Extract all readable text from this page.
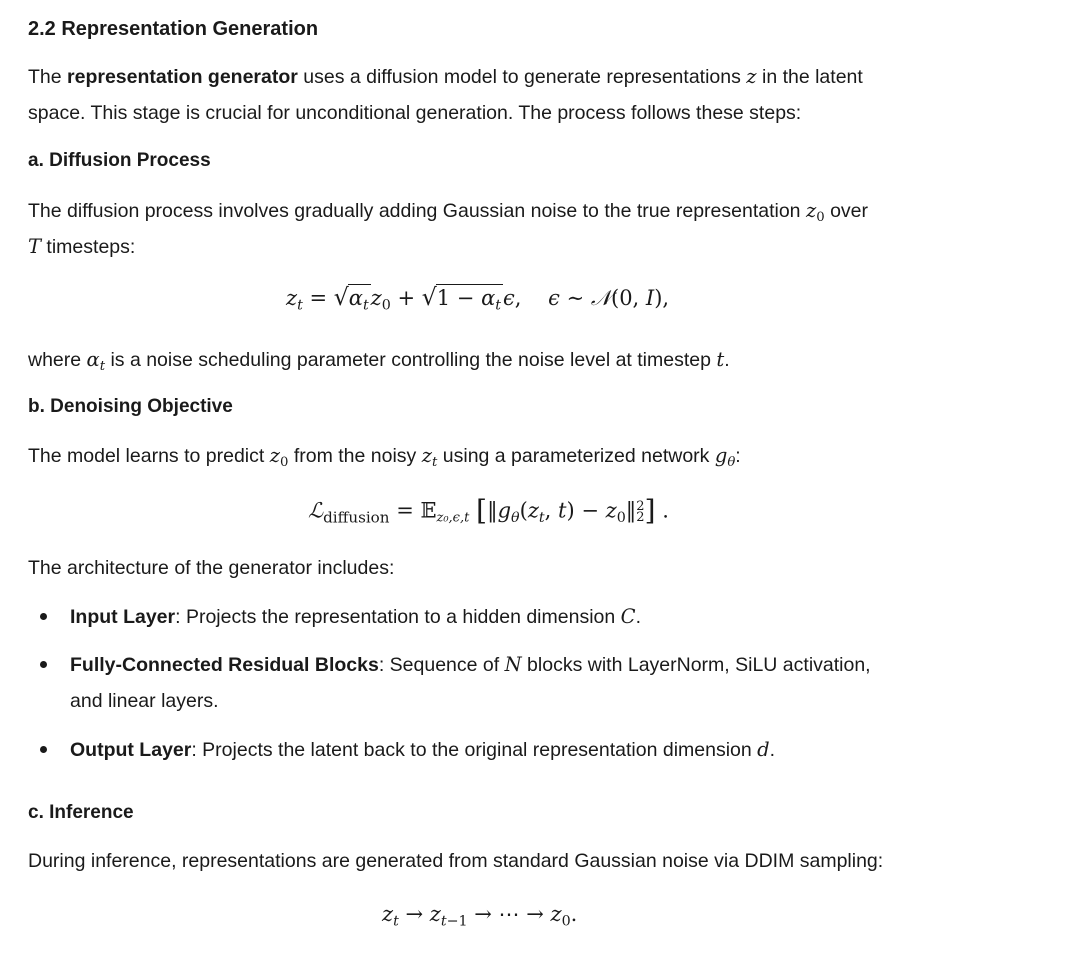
2.2 Representation Generation
The representation generator uses a diffusion model to generate representations z in the latent
space. This stage is crucial for unconditional generation. The process follows these steps:
a. Diffusion Process
The diffusion process involves gradually adding Gaussian noise to the true representation $z_0$ over
T timesteps:
$z_t = √\alpha_tz_0 + √1 - \alpha_t\epsilon$,    ϵ ∼ 𝒩(0, I),
where $\alpha_t$ is a noise scheduling parameter controlling the noise level at timestep t.
b. Denoising Objective
The model learns to predict $z_0$ from the noisy $z_t$ using a parameterized network $g_\theta$:
ℒ$_{diffusion}$ = 𝔼$_{z_0,\epsilon,t}$ [$‖g_\theta(z_t$, $t) - z_0‖$ 2
2 ] .
The architecture of the generator includes:
Input Layer: Projects the representation to a hidden dimension C.
Fully-Connected Residual Blocks: Sequence of N blocks with LayerNorm, SiLU activation,
and linear layers.
Output Layer: Projects the latent back to the original representation dimension d.
c. Inference
During inference, representations are generated from standard Gaussian noise via DDIM sampling:
$z_t \to z_{t-1}$ → ⋯ → $z_0$.
